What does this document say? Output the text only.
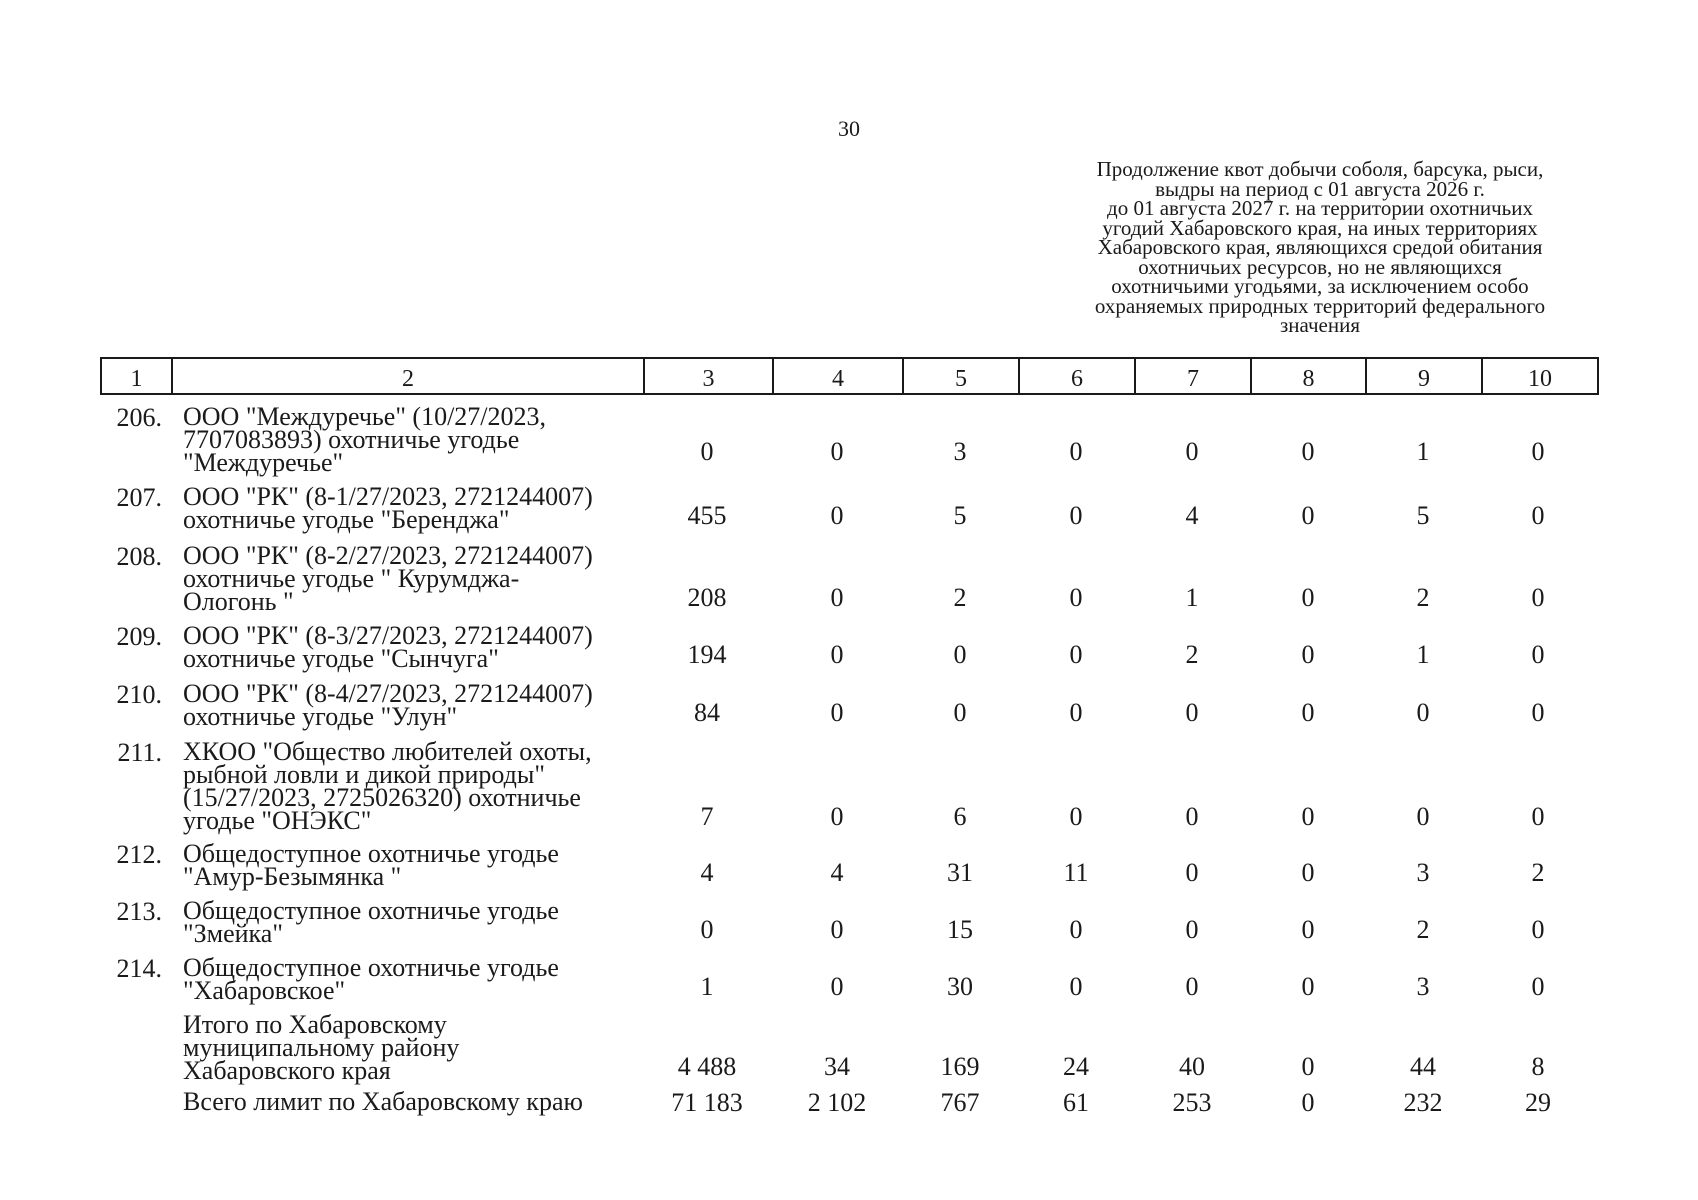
30
Продолжение квот добычи соболя, барсука, рыси,
выдры на период с 01 августа 2026 г.
до 01 августа 2027 г. на территории охотничьих
угодий Хабаровского края, на иных территориях
Хабаровского края, являющихся средой обитания
охотничьих ресурсов, но не являющихся
охотничьими угодьями, за исключением особо
охраняемых природных территорий федерального
значения
1	2	3	4	5	6	7	8	9	10
206. ООО "Междуречье" (10/27/2023,
7707083893) охотничье угодье
"Междуречье"	0	0	3	0	0	0	1	0
207. ООО "РК" (8-1/27/2023, 2721244007)
охотничье угодье "Беренджа"	455	0	5	0	4	0	5	0
208. ООО "РК" (8-2/27/2023, 2721244007)
охотничье угодье " Курумджа-
Ологонь "	208	0	2	0	1	0	2	0
209. ООО "РК" (8-3/27/2023, 2721244007)
охотничье угодье "Сынчуга"	194	0	0	0	2	0	1	0
210. ООО "РК" (8-4/27/2023, 2721244007)
охотничье угодье "Улун"	84	0	0	0	0	0	0	0
211. ХКОО "Общество любителей охоты,
рыбной ловли и дикой природы"
(15/27/2023, 2725026320) охотничье
угодье "ОНЭКС"	7	0	6	0	0	0	0	0
212. Общедоступное охотничье угодье
"Амур-Безымянка "	4	4	31	11	0	0	3	2
213. Общедоступное охотничье угодье
"Змейка"	0	0	15	0	0	0	2	0
214. Общедоступное охотничье угодье
"Хабаровское"	1	0	30	0	0	0	3	0
Итого по Хабаровскому
муниципальному району
Хабаровского края	4 488	34	169	24	40	0	44	8
Всего лимит по Хабаровскому краю	71 183	2 102	767	61	253	0	232	29
